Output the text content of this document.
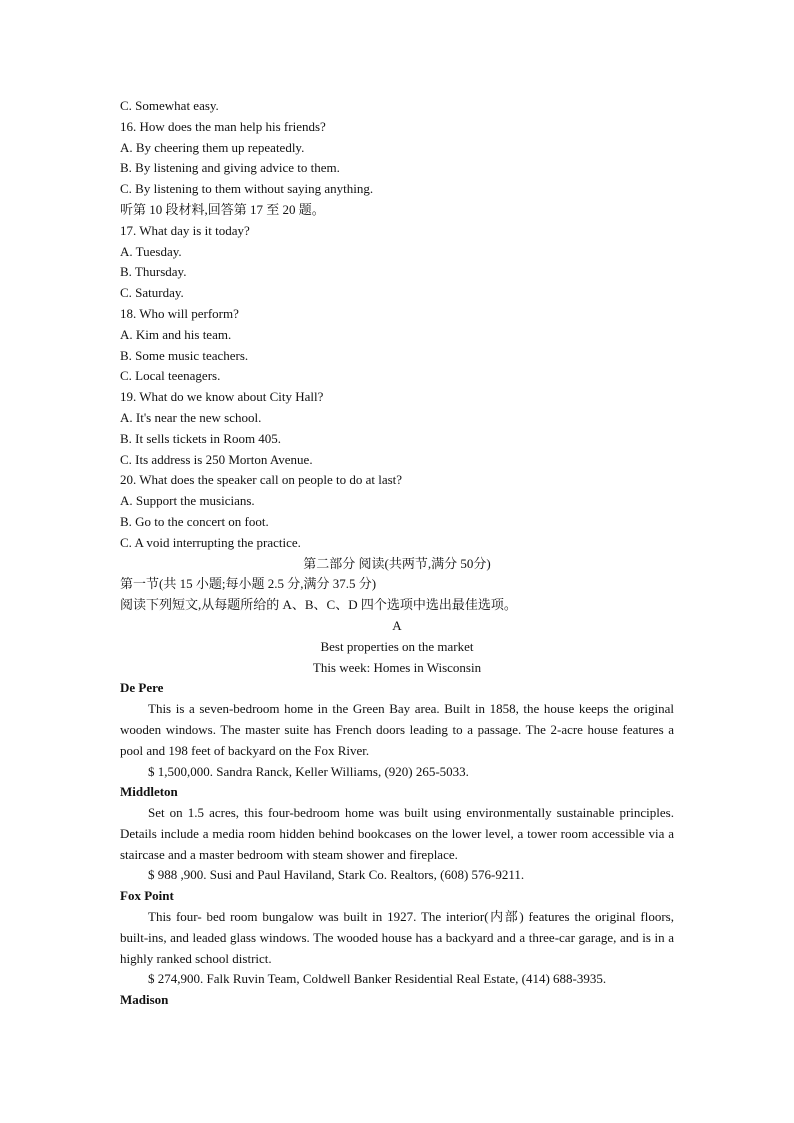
C. Somewhat easy.
16. How does the man help his friends?
A. By cheering them up repeatedly.
B. By listening and giving advice to them.
C. By listening to them without saying anything.
听第 10 段材料,回答第 17 至 20 题。
17. What day is it today?
A. Tuesday.
B. Thursday.
C. Saturday.
18. Who will perform?
A. Kim and his team.
B. Some music teachers.
C. Local teenagers.
19. What do we know about City Hall?
A. It's near the new school.
B. It sells tickets in Room 405.
C. Its address is 250 Morton Avenue.
20. What does the speaker call on people to do at last?
A. Support the musicians.
B. Go to the concert on foot.
C. A void interrupting the practice.
第二部分 阅读(共两节,满分 50分)
第一节(共 15 小题;每小题 2.5 分,满分 37.5 分)
阅读下列短文,从每题所给的 A、B、C、D 四个选项中选出最佳选项。
A
Best properties on the market
This week: Homes in Wisconsin
De Pere

This is a seven-bedroom home in the Green Bay area. Built in 1858, the house keeps the original wooden windows. The master suite has French doors leading to a passage. The 2-acre house features a pool and 198 feet of backyard on the Fox River.

$ 1,500,000. Sandra Ranck, Keller Williams, (920) 265-5033.
Middleton

Set on 1.5 acres, this four-bedroom home was built using environmentally sustainable principles. Details include a media room hidden behind bookcases on the lower level, a tower room accessible via a staircase and a master bedroom with steam shower and fireplace.

$ 988 ,900. Susi and Paul Haviland, Stark Co. Realtors, (608) 576-9211.
Fox Point

This four- bed room bungalow was built in 1927. The interior(内部) features the original floors, built-ins, and leaded glass windows. The wooded house has a backyard and a three-car garage, and is in a highly ranked school district.

$ 274,900. Falk Ruvin Team, Coldwell Banker Residential Real Estate, (414) 688-3935.
Madison
